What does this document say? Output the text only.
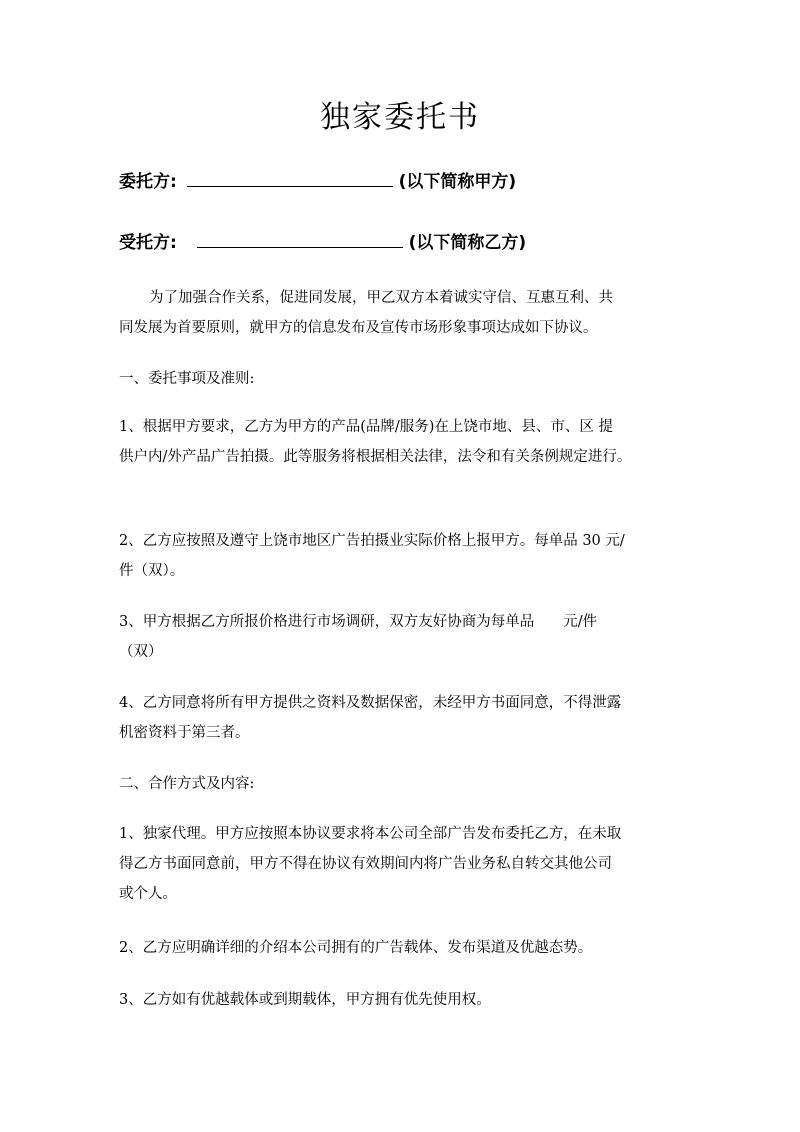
独家委托书
委托方:	(以下简称甲方)
受托方:	(以下简称乙方)
为了加强合作关系，促进同发展，甲乙双方本着诚实守信、互惠互利、共
同发展为首要原则，就甲方的信息发布及宣传市场形象事项达成如下协议。
一、委托事项及准则:
1、根据甲方要求，乙方为甲方的产品(品牌/服务)在上饶市地、县、市、区 提
供户内/外产品广告拍摄。此等服务将根据相关法律，法令和有关条例规定进行。
2、乙方应按照及遵守上饶市地区广告拍摄业实际价格上报甲方。每单品 30 元/
件（双）。
3、甲方根据乙方所报价格进行市场调研，双方友好协商为每单品　　元/件
（双）
4、乙方同意将所有甲方提供之资料及数据保密，未经甲方书面同意，不得泄露
机密资料于第三者。
二、合作方式及内容:
1、独家代理。甲方应按照本协议要求将本公司全部广告发布委托乙方，在未取
得乙方书面同意前，甲方不得在协议有效期间内将广告业务私自转交其他公司
或个人。
2、乙方应明确详细的介绍本公司拥有的广告载体、发布渠道及优越态势。
3、乙方如有优越载体或到期载体，甲方拥有优先使用权。
